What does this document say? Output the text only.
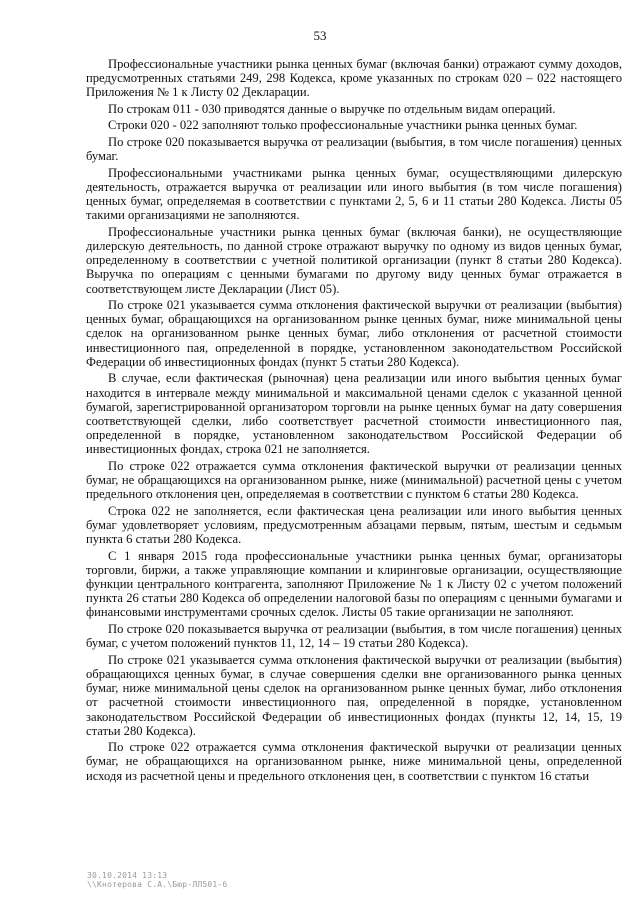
53

Профессиональные участники рынка ценных бумаг (включая банки) отражают сумму доходов, предусмотренных статьями 249, 298 Кодекса, кроме указанных по строкам 020 – 022 настоящего Приложения № 1 к Листу 02 Декларации.

По строкам 011 - 030 приводятся данные о выручке по отдельным видам операций.

Строки 020 - 022 заполняют только профессиональные участники рынка ценных бумаг.

По строке 020 показывается выручка от реализации (выбытия, в том числе погашения) ценных бумаг.

Профессиональными участниками рынка ценных бумаг, осуществляющими дилерскую деятельность, отражается выручка от реализации или иного выбытия (в том числе погашения) ценных бумаг, определяемая в соответствии с пунктами 2, 5, 6 и 11 статьи 280 Кодекса. Листы 05 такими организациями не заполняются.

Профессиональные участники рынка ценных бумаг (включая банки), не осуществляющие дилерскую деятельность, по данной строке отражают выручку по одному из видов ценных бумаг, определенному в соответствии с учетной политикой организации (пункт 8 статьи 280 Кодекса). Выручка по операциям с ценными бумагами по другому виду ценных бумаг отражается в соответствующем листе Декларации (Лист 05).

По строке 021 указывается сумма отклонения фактической выручки от реализации (выбытия) ценных бумаг, обращающихся на организованном рынке ценных бумаг, ниже минимальной цены сделок на организованном рынке ценных бумаг, либо отклонения от расчетной стоимости инвестиционного пая, определенной в порядке, установленном законодательством Российской Федерации об инвестиционных фондах (пункт 5 статьи 280 Кодекса).

В случае, если фактическая (рыночная) цена реализации или иного выбытия ценных бумаг находится в интервале между минимальной и максимальной ценами сделок с указанной ценной бумагой, зарегистрированной организатором торговли на рынке ценных бумаг на дату совершения соответствующей сделки, либо соответствует расчетной стоимости инвестиционного пая, определенной в порядке, установленном законодательством Российской Федерации об инвестиционных фондах, строка 021 не заполняется.

По строке 022 отражается сумма отклонения фактической выручки от реализации ценных бумаг, не обращающихся на организованном рынке, ниже (минимальной) расчетной цены с учетом предельного отклонения цен, определяемая в соответствии с пунктом 6 статьи 280 Кодекса.

Строка 022 не заполняется, если фактическая цена реализации или иного выбытия ценных бумаг удовлетворяет условиям, предусмотренным абзацами первым, пятым, шестым и седьмым пункта 6 статьи 280 Кодекса.

С 1 января 2015 года профессиональные участники рынка ценных бумаг, организаторы торговли, биржи, а также управляющие компании и клиринговые организации, осуществляющие функции центрального контрагента, заполняют Приложение № 1 к Листу 02 с учетом положений пункта 26 статьи 280 Кодекса об определении налоговой базы по операциям с ценными бумагами и финансовыми инструментами срочных сделок. Листы 05 такие организации не заполняют.

По строке 020 показывается выручка от реализации (выбытия, в том числе погашения) ценных бумаг, с учетом положений пунктов 11, 12, 14 – 19 статьи 280 Кодекса).

По строке 021 указывается сумма отклонения фактической выручки от реализации (выбытия) обращающихся ценных бумаг, в случае совершения сделки вне организованного рынка ценных бумаг, ниже минимальной цены сделок на организованном рынке ценных бумаг, либо отклонения от расчетной стоимости инвестиционного пая, определенной в порядке, установленном законодательством Российской Федерации об инвестиционных фондах (пункты 12, 14, 15, 19 статьи 280 Кодекса).

По строке 022 отражается сумма отклонения фактической выручки от реализации ценных бумаг, не обращающихся на организованном рынке, ниже минимальной цены, определенной исходя из расчетной цены и предельного отклонения цен, в соответствии с пунктом 16 статьи

30.10.2014 13:13
\\Кнотерова С.А.\Бюр-ЛЛ501-6
